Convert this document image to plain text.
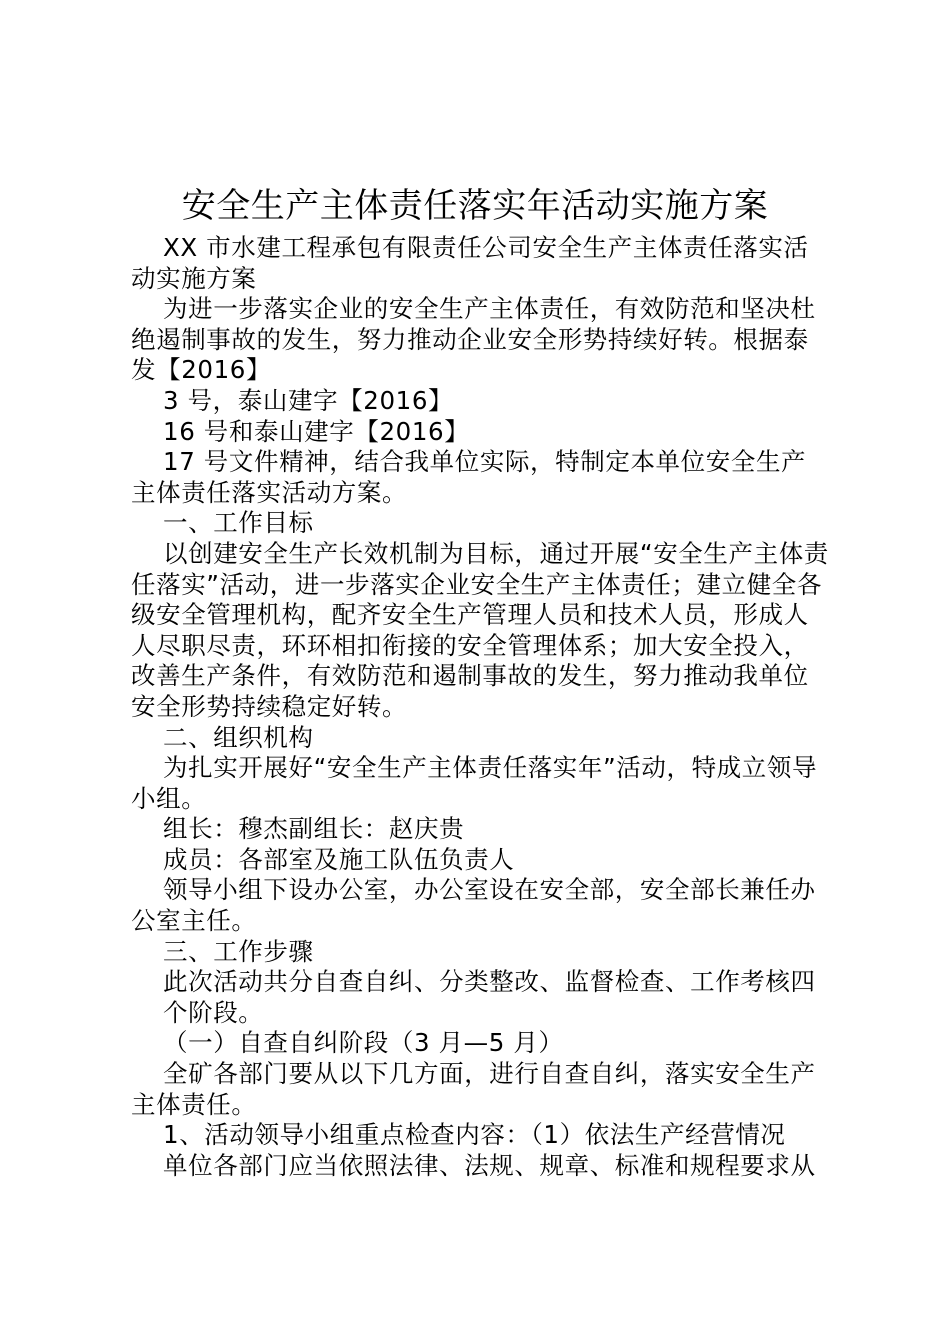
安全生产主体责任落实年活动实施方案

XX 市水建工程承包有限责任公司安全生产主体责任落实活动实施方案

为进一步落实企业的安全生产主体责任，有效防范和坚决杜绝遏制事故的发生，努力推动企业安全形势持续好转。根据泰发【2016】

3 号，泰山建字【2016】

16 号和泰山建字【2016】

17 号文件精神，结合我单位实际，特制定本单位安全生产主体责任落实活动方案。

一、工作目标

以创建安全生产长效机制为目标，通过开展“安全生产主体责任落实”活动，进一步落实企业安全生产主体责任；建立健全各级安全管理机构，配齐安全生产管理人员和技术人员，形成人人尽职尽责，环环相扣衔接的安全管理体系；加大安全投入，改善生产条件，有效防范和遏制事故的发生，努力推动我单位安全形势持续稳定好转。

二、组织机构

为扎实开展好“安全生产主体责任落实年”活动，特成立领导小组。

组长：穆杰副组长：赵庆贵

成员：各部室及施工队伍负责人

领导小组下设办公室，办公室设在安全部，安全部长兼任办公室主任。

三、工作步骤

此次活动共分自查自纠、分类整改、监督检查、工作考核四个阶段。

（一）自查自纠阶段（3 月—5 月）

全矿各部门要从以下几方面，进行自查自纠，落实安全生产主体责任。

1、活动领导小组重点检查内容：（1）依法生产经营情况

单位各部门应当依照法律、法规、规章、标准和规程要求从
